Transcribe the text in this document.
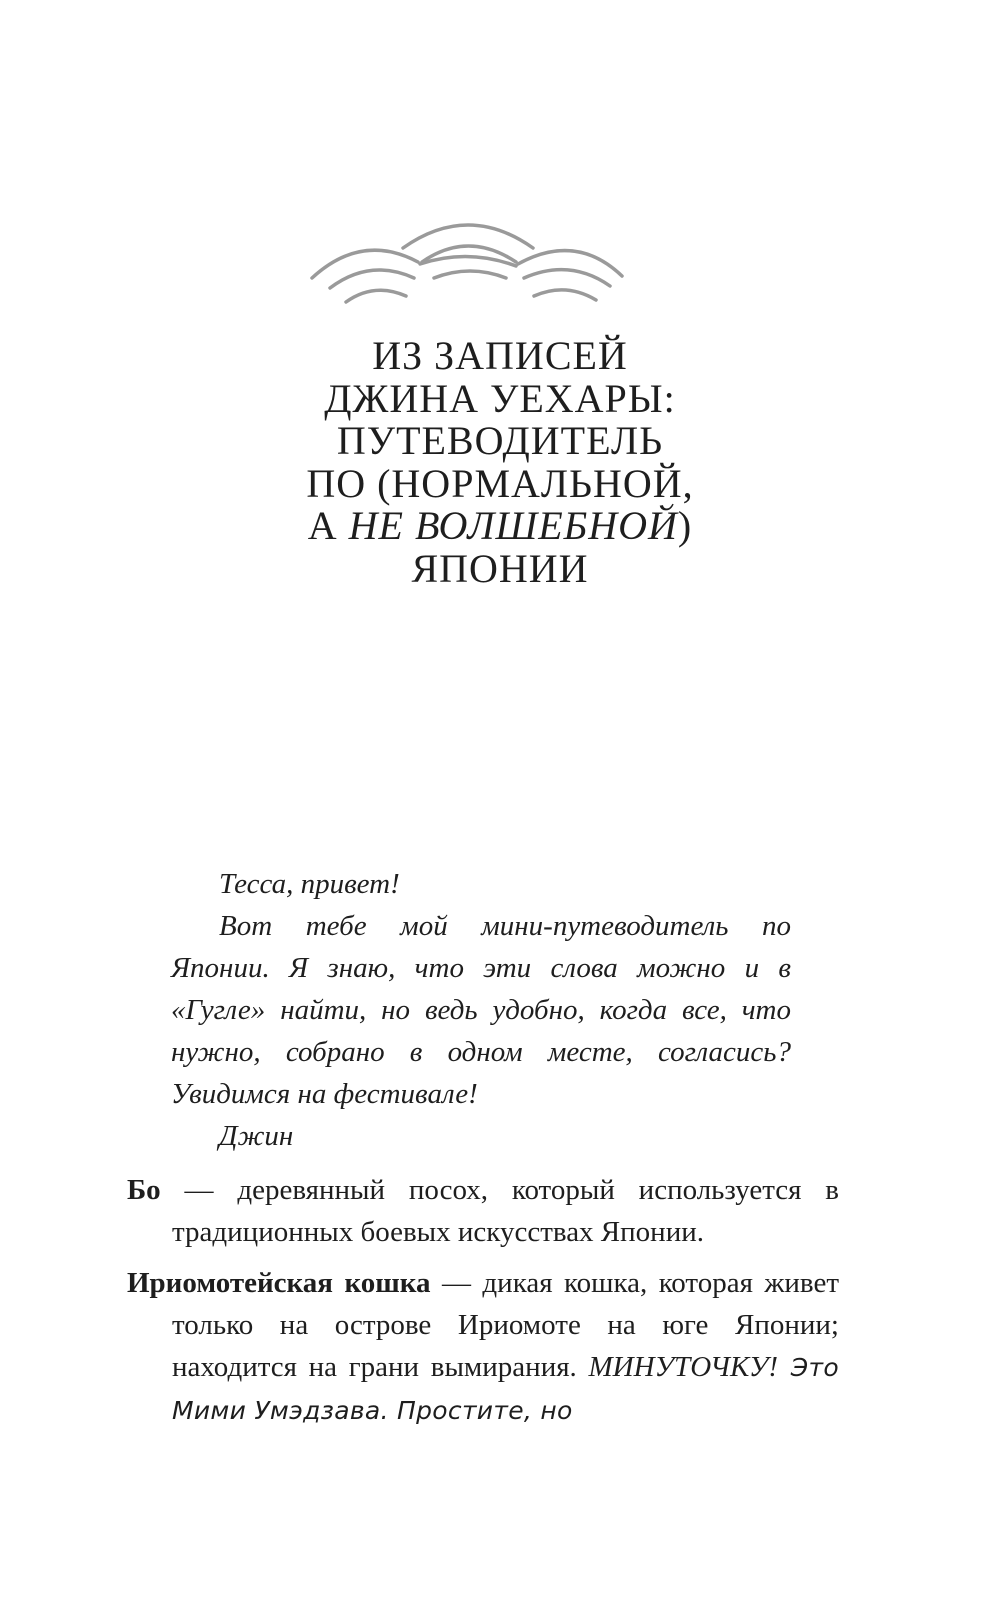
ИЗ ЗАПИСЕЙ
ДЖИНА УЕХАРЫ:
ПУТЕВОДИТЕЛЬ
ПО (НОРМАЛЬНОЙ,
А НЕ ВОЛШЕБНОЙ)
ЯПОНИИ

Тесса, привет!

Вот тебе мой мини-путеводитель по Японии. Я знаю, что эти слова можно и в «Гугле» найти, но ведь удобно, когда все, что нужно, собрано в одном месте, согласись? Увидимся на фестивале!

Джин

Бо — деревянный посох, который используется в традиционных боевых искусствах Японии.

Ириомотейская кошка — дикая кошка, которая живет только на острове Ириомоте на юге Японии; находится на грани вымирания. МИНУТОЧКУ! Это Мими Умэдзава. Простите, но
